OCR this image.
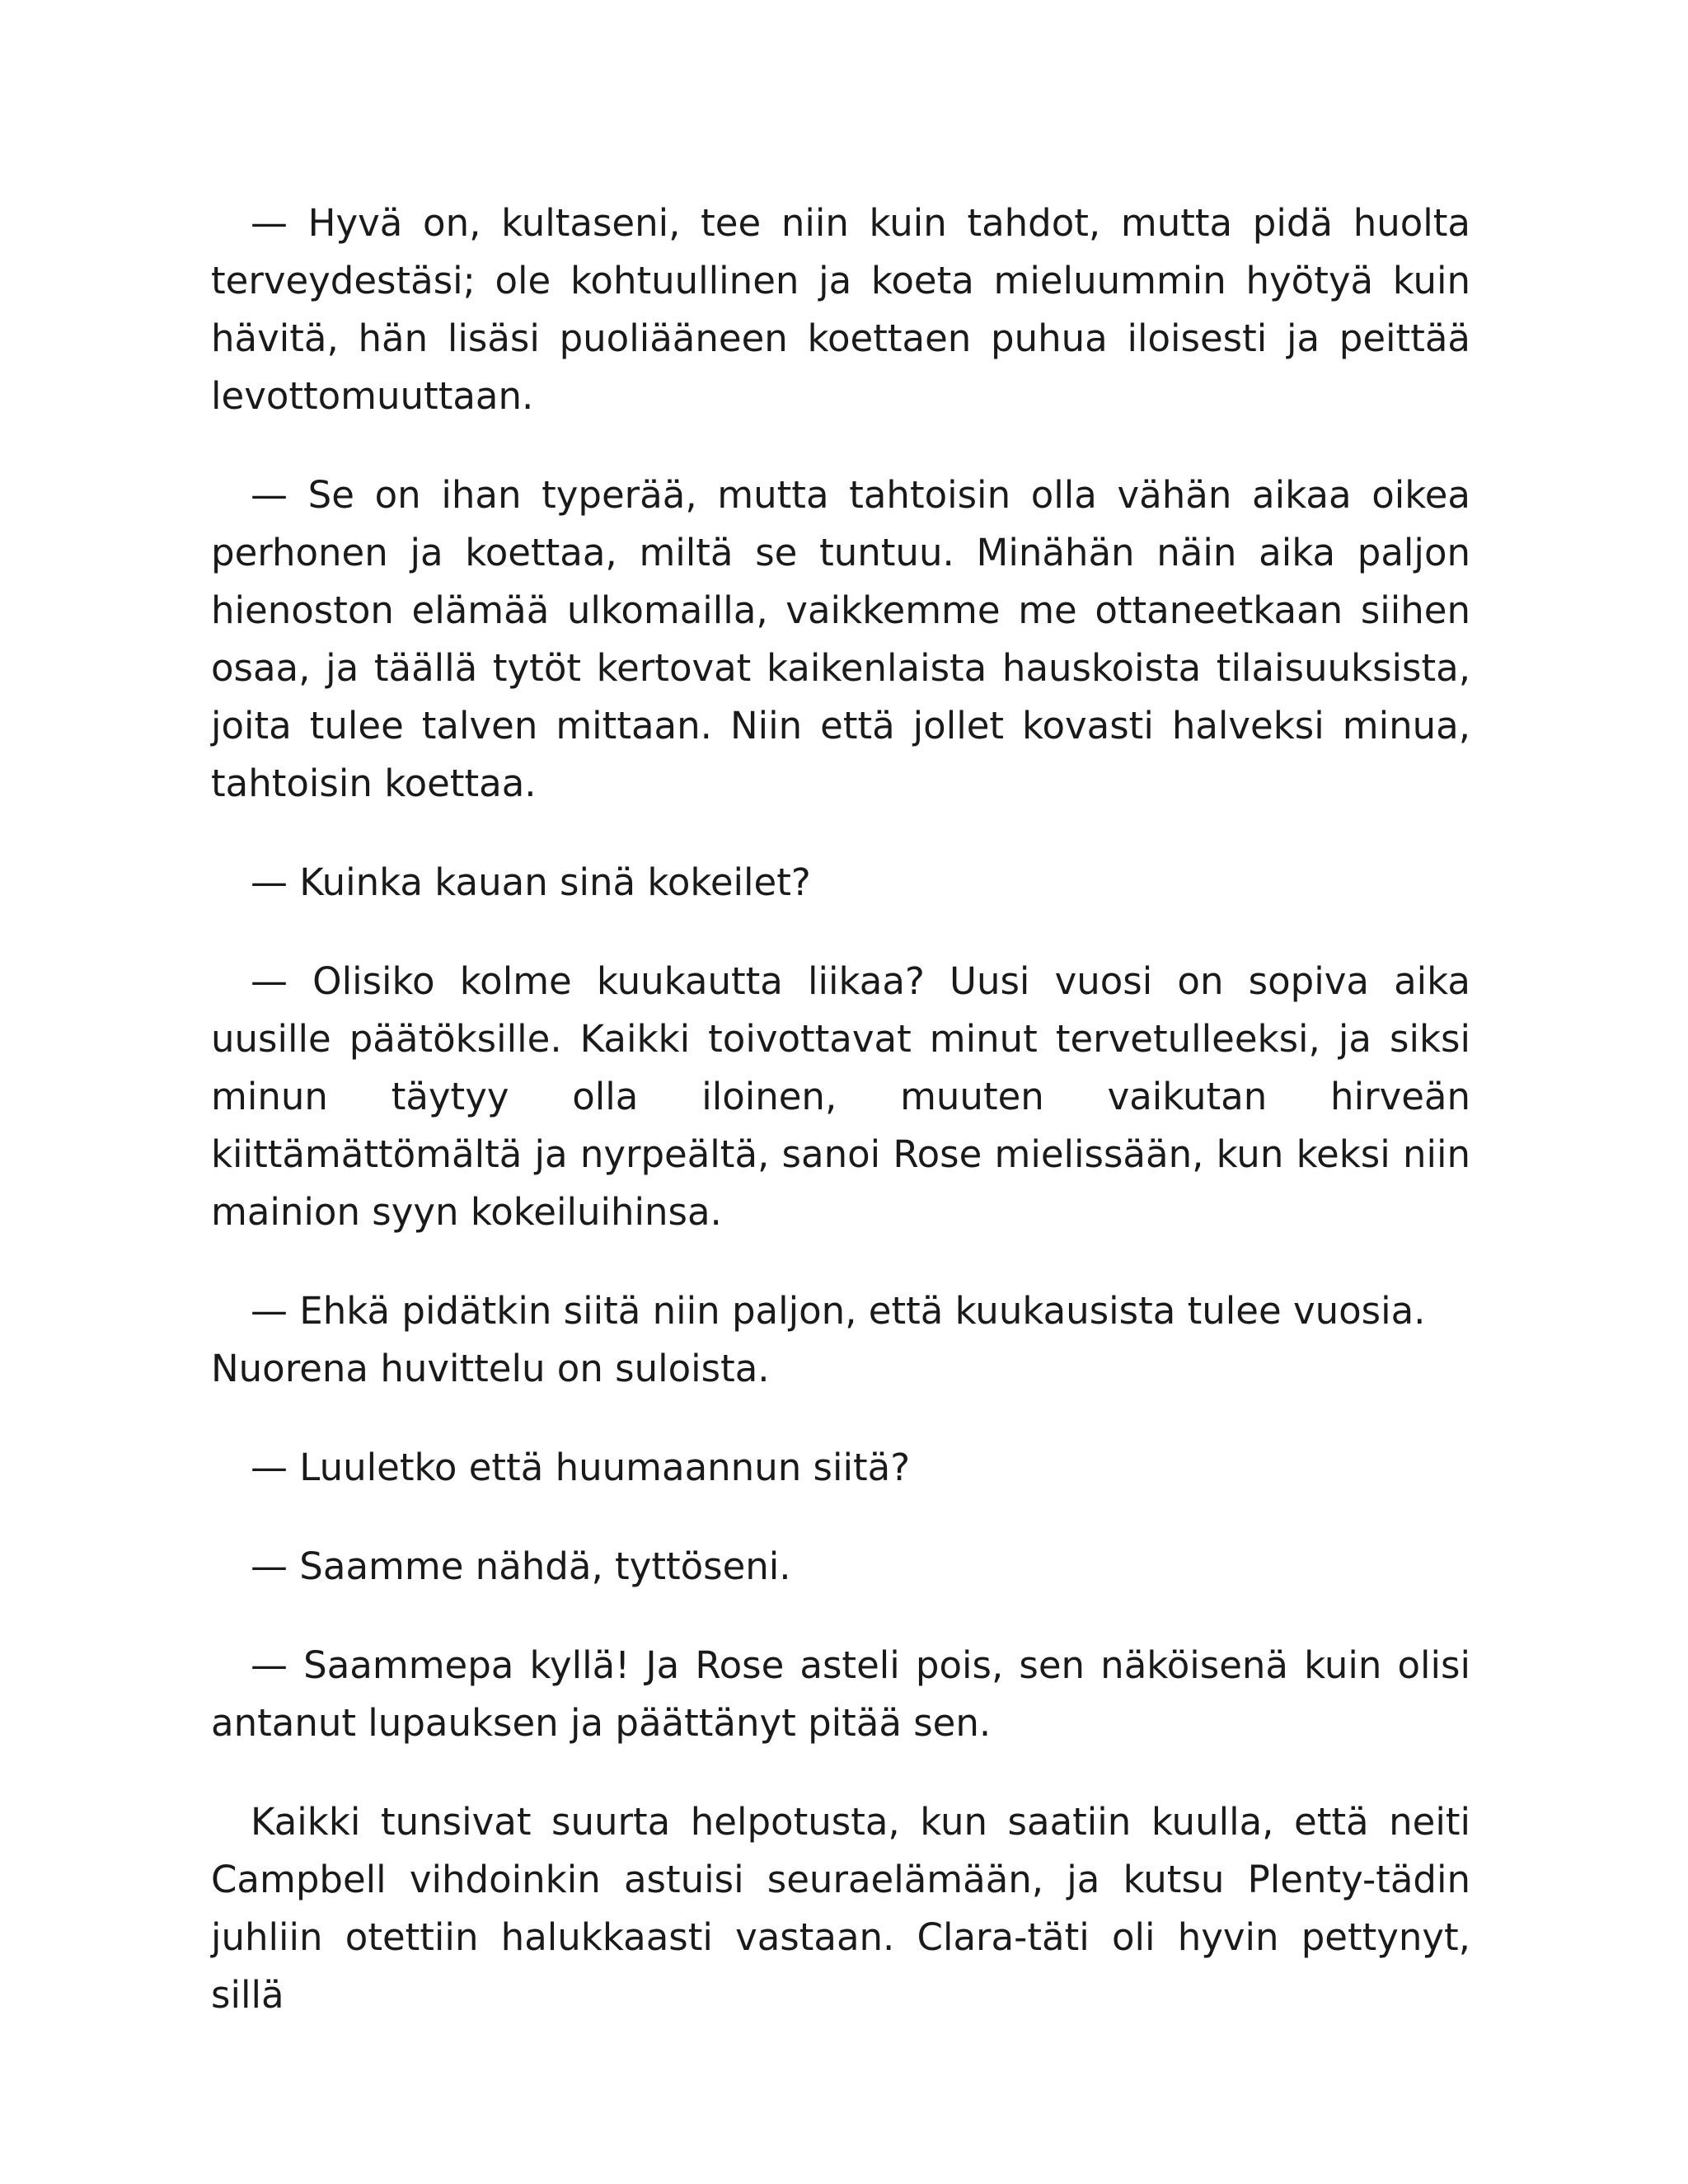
— Hyvä on, kultaseni, tee niin kuin tahdot, mutta pidä huolta terveydestäsi; ole kohtuullinen ja koeta mieluummin hyötyä kuin hävitä, hän lisäsi puoliääneen koettaen puhua iloisesti ja peittää levottomuuttaan.

— Se on ihan typerää, mutta tahtoisin olla vähän aikaa oikea perhonen ja koettaa, miltä se tuntuu. Minähän näin aika paljon hienoston elämää ulkomailla, vaikkemme me ottaneetkaan siihen osaa, ja täällä tytöt kertovat kaikenlaista hauskoista tilaisuuksista, joita tulee talven mittaan. Niin että jollet kovasti halveksi minua, tahtoisin koettaa.

— Kuinka kauan sinä kokeilet?

— Olisiko kolme kuukautta liikaa? Uusi vuosi on sopiva aika uusille päätöksille. Kaikki toivottavat minut tervetulleeksi, ja siksi minun täytyy olla iloinen, muuten vaikutan hirveän kiittämättömältä ja nyrpeältä, sanoi Rose mielissään, kun keksi niin mainion syyn kokeiluihinsa.

— Ehkä pidätkin siitä niin paljon, että kuukausista tulee vuosia. Nuorena huvittelu on suloista.

— Luuletko että huumaannun siitä?

— Saamme nähdä, tyttöseni.

— Saammepa kyllä! Ja Rose asteli pois, sen näköisenä kuin olisi antanut lupauksen ja päättänyt pitää sen.

Kaikki tunsivat suurta helpotusta, kun saatiin kuulla, että neiti Campbell vihdoinkin astuisi seuraelämään, ja kutsu Plenty-tädin juhliin otettiin halukkaasti vastaan. Clara-täti oli hyvin pettynyt, sillä
